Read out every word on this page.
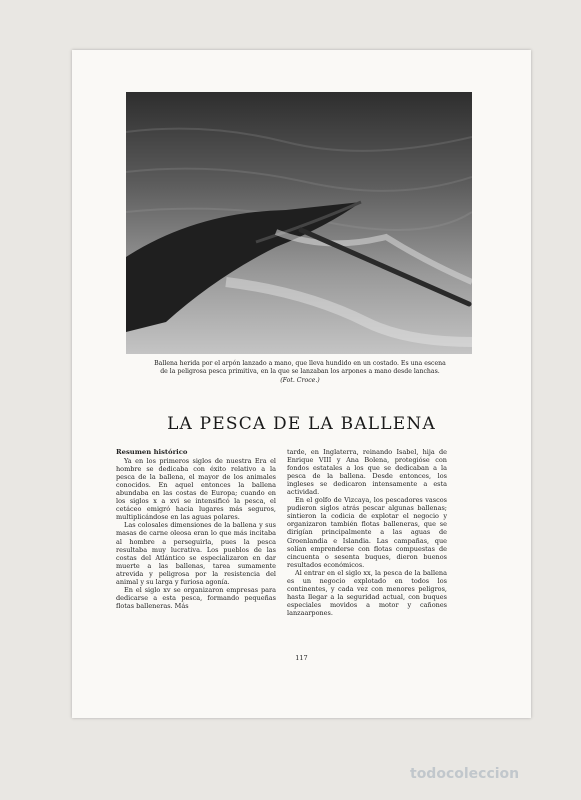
Ballena herida por el arpón lanzado a mano, que lleva hundido en un costado. Es una escena
de la peligrosa pesca primitiva, en la que se lanzaban los arpones a mano desde lanchas.
(Fot. Croce.)
LA PESCA DE LA BALLENA
Resumen histórico

Ya en los primeros siglos de nuestra Era el hombre se dedicaba con éxito relativo a la pesca de la ballena, el mayor de los animales conocidos. En aquel entonces la ballena abundaba en las costas de Europa; cuando en los siglos x a xvi se intensificó la pesca, el cetáceo emigró hacia lugares más seguros, multiplicándose en las aguas polares.

Las colosales dimensiones de la ballena y sus masas de carne oleosa eran lo que más incitaba al hombre a perseguirla, pues la pesca resultaba muy lucrativa. Los pueblos de las costas del Atlántico se especializaron en dar muerte a las ballenas, tarea sumamente atrevida y peligrosa por la resistencia del animal y su larga y furiosa agonía.

En el siglo xv se organizaron empresas para dedicarse a esta pesca, formando pequeñas flotas balleneras. Más

tarde, en Inglaterra, reinando Isabel, hija de Enrique VIII y Ana Bolena, protegióse con fondos estatales a los que se dedicaban a la pesca de la ballena. Desde entonces, los ingleses se dedicaron intensamente a esta actividad.

En el golfo de Vizcaya, los pescadores vascos pudieron siglos atrás pescar algunas ballenas; sintieron la codicia de explotar el negocio y organizaron también flotas balleneras, que se dirigían principalmente a las aguas de Groenlandia e Islandia. Las campañas, que solían emprenderse con flotas compuestas de cincuenta o sesenta buques, dieron buenos resultados económicos.

Al entrar en el siglo xx, la pesca de la ballena es un negocio explotado en todos los continentes, y cada vez con menores peligros, hasta llegar a la seguridad actual, con buques especiales movidos a motor y cañones lanzaarpones.

117
todocoleccion
